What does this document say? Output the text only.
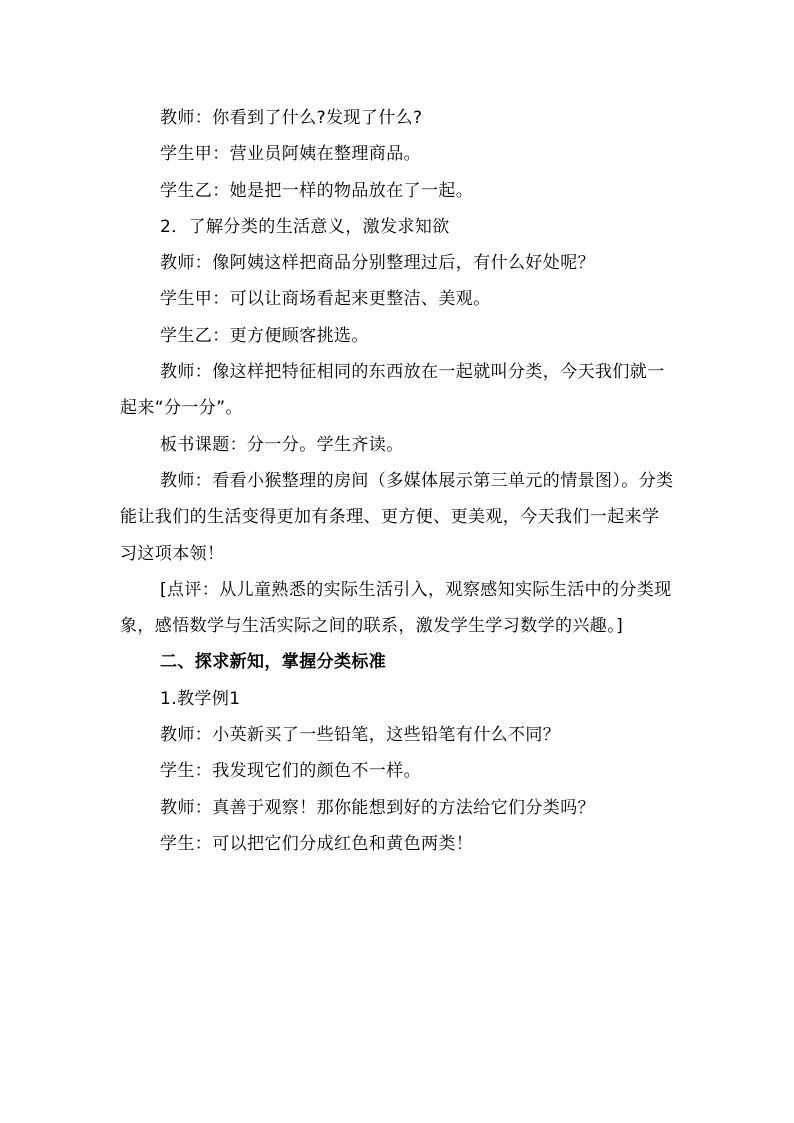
教师：你看到了什么?发现了什么?

学生甲：营业员阿姨在整理商品。

学生乙：她是把一样的物品放在了一起。

2．了解分类的生活意义，激发求知欲

教师：像阿姨这样把商品分别整理过后，有什么好处呢？

学生甲：可以让商场看起来更整洁、美观。

学生乙：更方便顾客挑选。

教师：像这样把特征相同的东西放在一起就叫分类，今天我们就一起来“分一分”。

板书课题：分一分。学生齐读。

教师：看看小猴整理的房间（多媒体展示第三单元的情景图）。分类能让我们的生活变得更加有条理、更方便、更美观，今天我们一起来学习这项本领！

[点评：从儿童熟悉的实际生活引入，观察感知实际生活中的分类现象，感悟数学与生活实际之间的联系，激发学生学习数学的兴趣。]

二、探求新知，掌握分类标准

1.教学例1

教师：小英新买了一些铅笔，这些铅笔有什么不同？

学生：我发现它们的颜色不一样。

教师：真善于观察！那你能想到好的方法给它们分类吗？

学生：可以把它们分成红色和黄色两类！
